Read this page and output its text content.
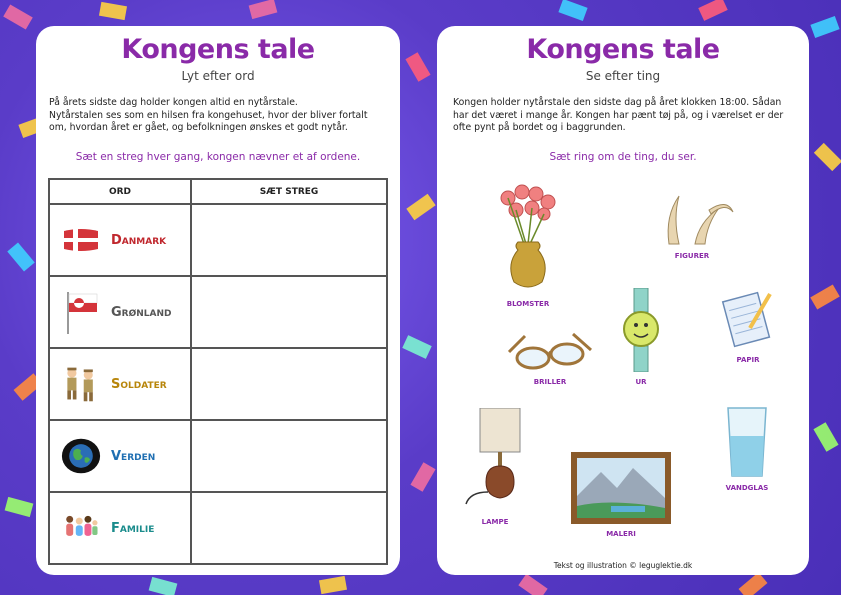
Kongens tale
Lyt efter ord
På årets sidste dag holder kongen altid en nytårstale.
Nytårstalen ses som en hilsen fra kongehuset, hvor der bliver fortalt om, hvordan året er gået, og befolkningen ønskes et godt nytår.
Sæt en streg hver gang, kongen nævner et af ordene.
ORD	SÆT STREG

Danmark	

Grønland	

Soldater	

Verden	

Familie	

Kongens tale
Se efter ting
Kongen holder nytårstale den sidste dag på året klokken 18:00. Sådan har det været i mange år. Kongen har pænt tøj på, og i værelset er der ofte pynt på bordet og i baggrunden.
Sæt ring om de ting, du ser.
BLOMSTER
FIGURER
UR
PAPIR
BRILLER
LAMPE
MALERI
VANDGLAS
Tekst og illustration © leguglektie.dk
